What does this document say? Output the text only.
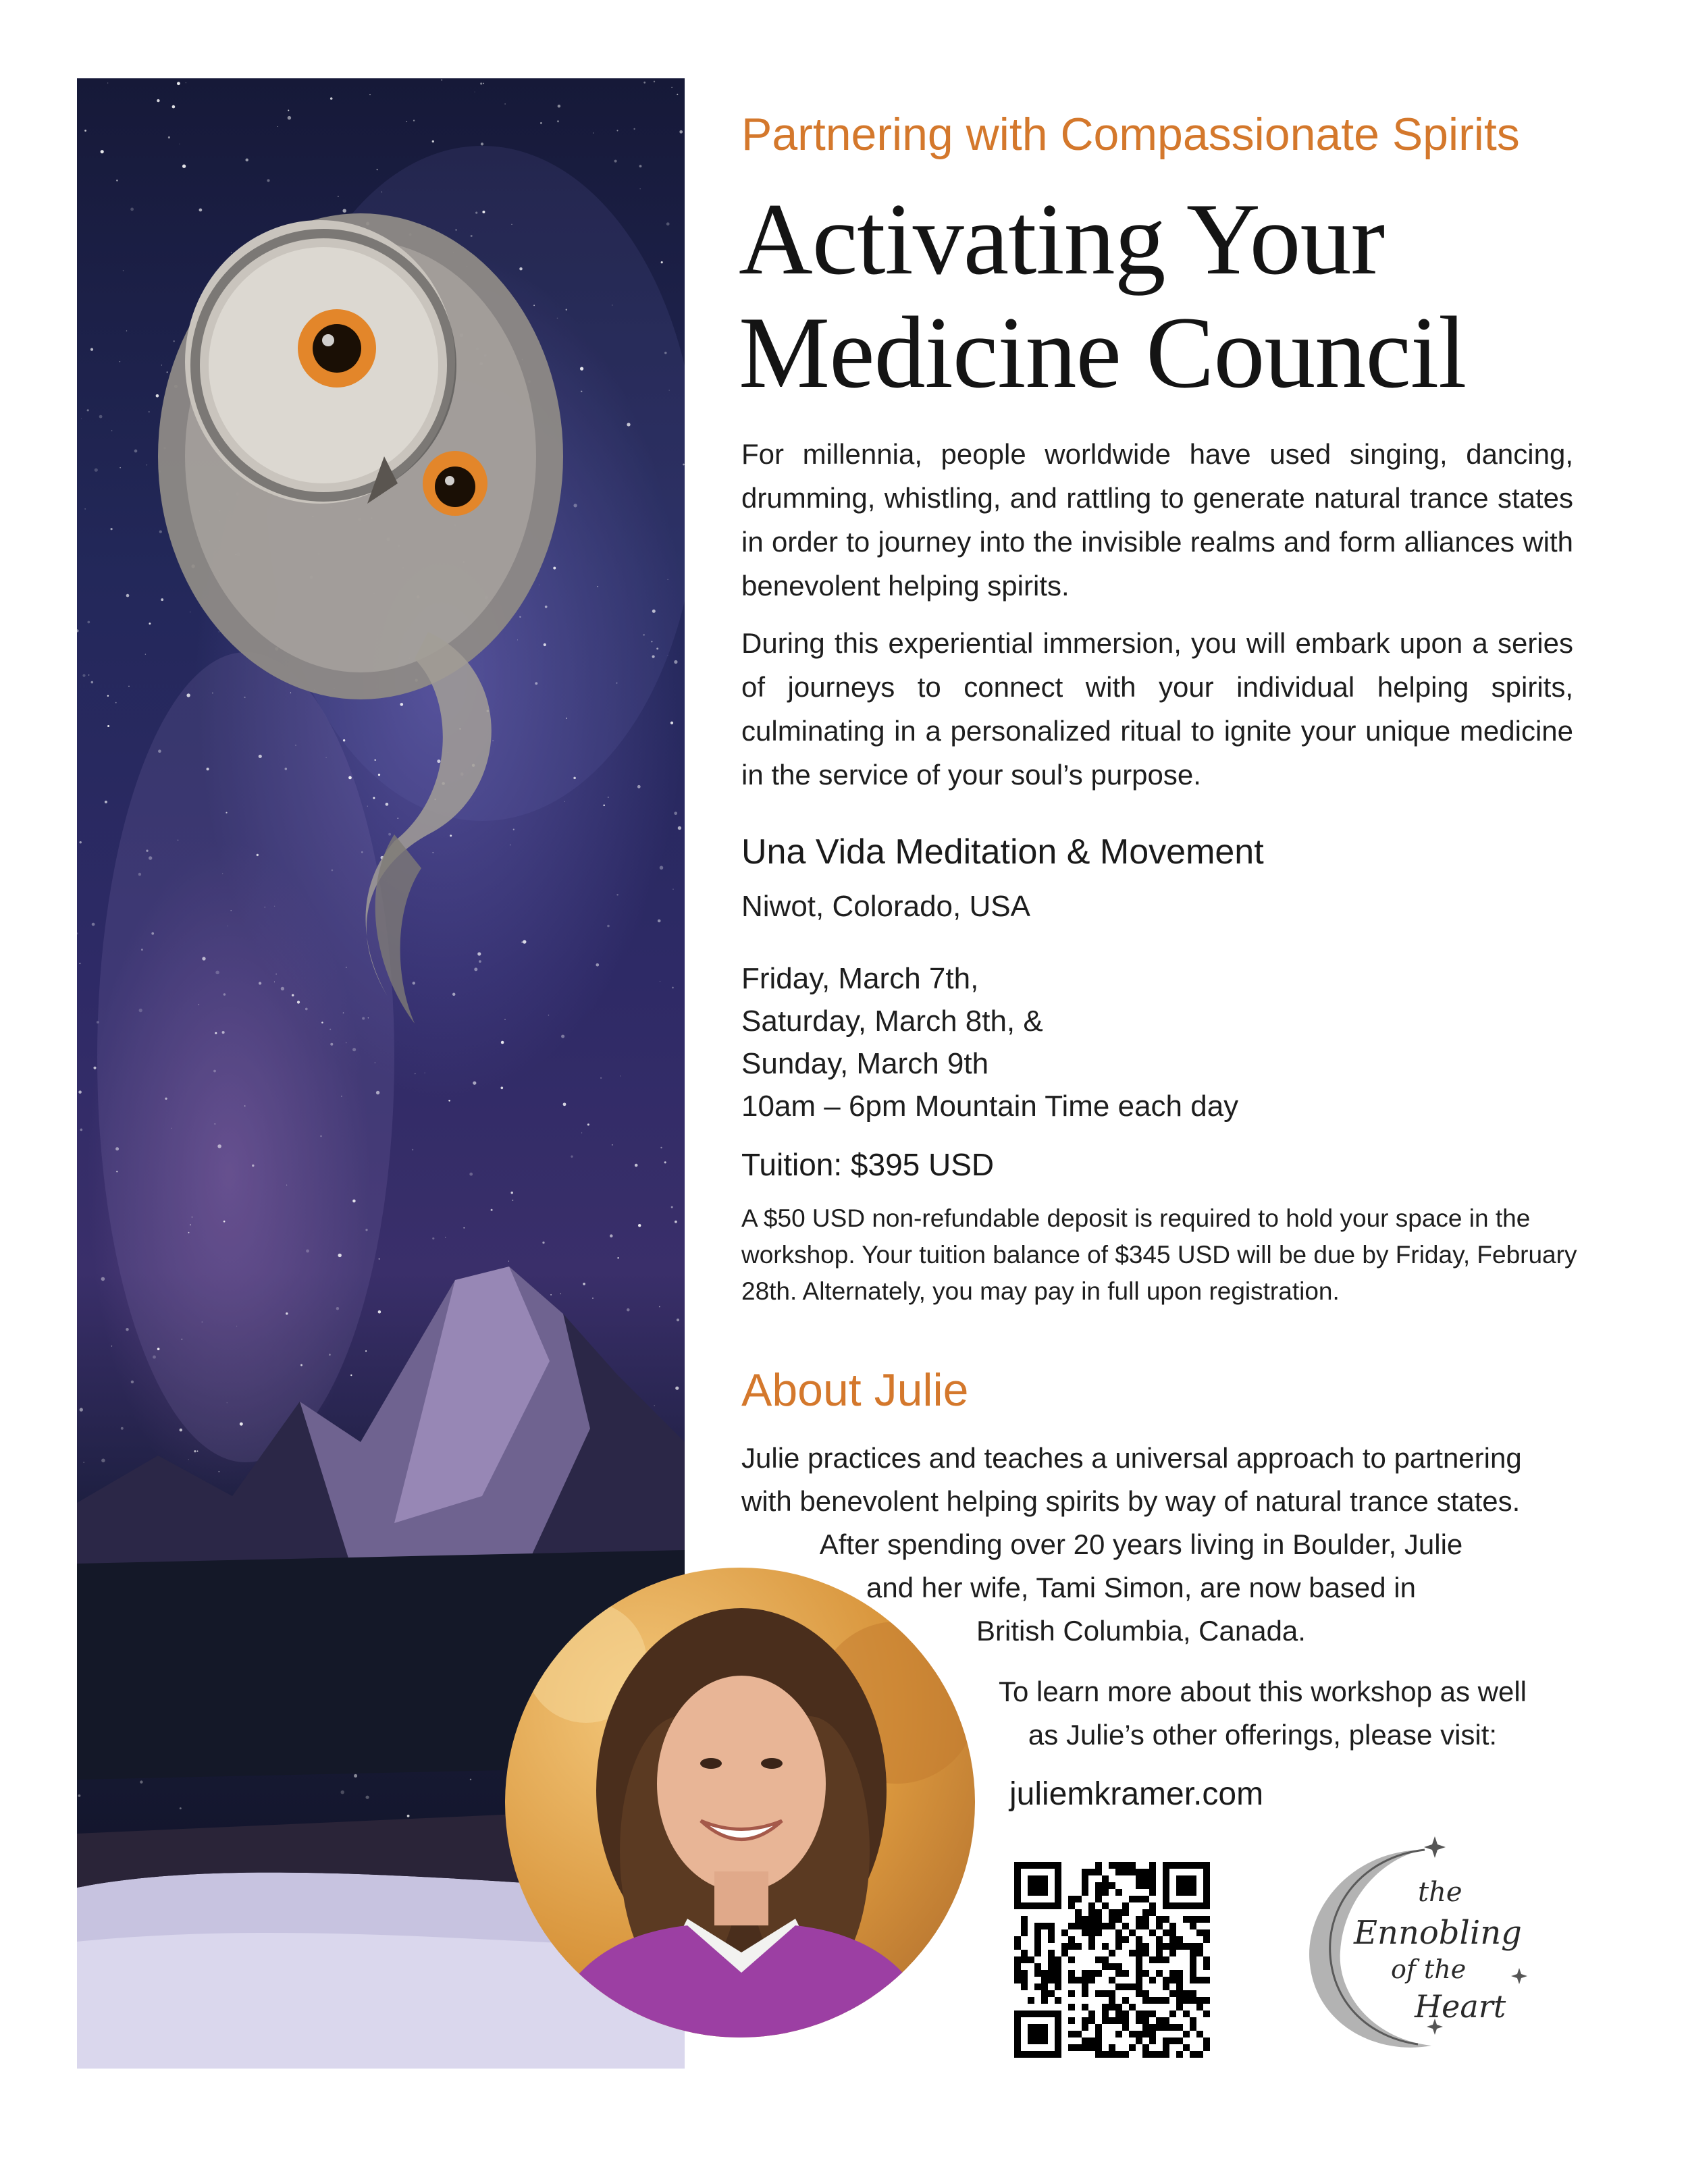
Partnering with Compassionate Spirits
Activating Your
Medicine Council
For millennia, people worldwide have used singing, dancing, drumming, whistling, and rattling to generate natural trance states in order to journey into the invisible realms and form alliances with benevolent helping spirits.
During this experiential immersion, you will embark upon a series of journeys to connect with your individual helping spirits, culminating in a personalized ritual to ignite your unique medicine in the service of your soul’s purpose.
Una Vida Meditation & Movement
Niwot, Colorado, USA
Friday, March 7th,
Saturday, March 8th, &
Sunday, March 9th
10am – 6pm Mountain Time each day
Tuition: $395 USD
A $50 USD non-refundable deposit is required to hold your space in the workshop. Your tuition balance of $345 USD will be due by Friday, February 28th. Alternately, you may pay in full upon registration.
About Julie
Julie practices and teaches a universal approach to partnering
with benevolent helping spirits by way of natural trance states.
After spending over 20 years living in Boulder, Julie
and her wife, Tami Simon, are now based in
British Columbia, Canada.
To learn more about this workshop as well
as Julie’s other offerings, please visit:
juliemkramer.com
the
Ennobling
of the
Heart
